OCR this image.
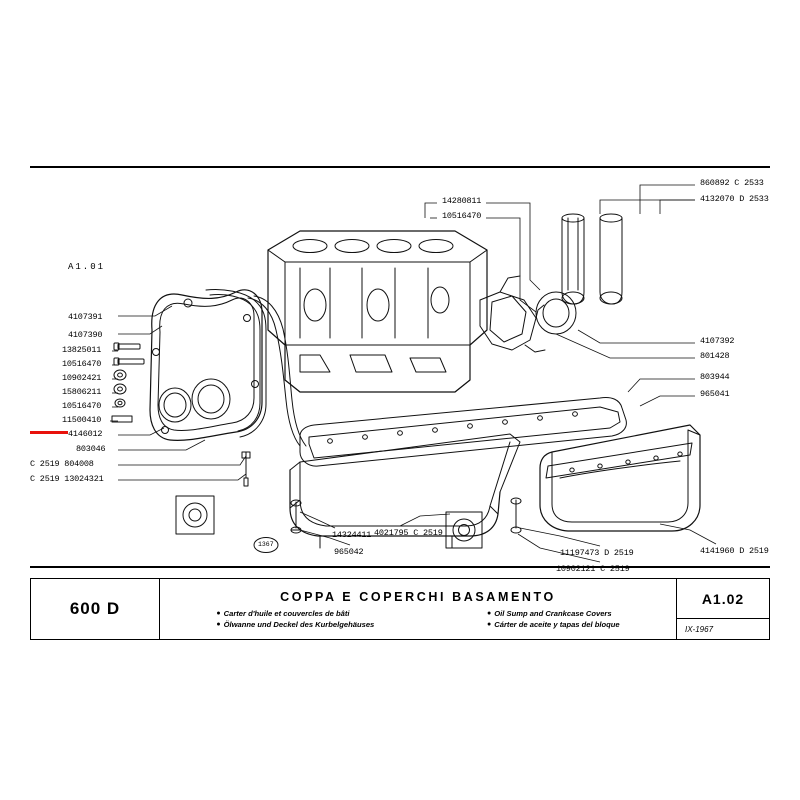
A1.01
4107391
4107390
13825011
10516470
10902421
15806211
10516470
11500410
4146012
803046
C 2519 804008
C 2519 13024321
14280811
10516470
860892 C 2533
4132070 D 2533
4107392
801428
803944
965041
14324411 4021795 C 2519
965042	11197473 D 2519
10902121 C 2519
4141960 D 2519
1367
600 D
COPPA E COPERCHI BASAMENTO
● Carter d'huile et couvercles de bâti
● Ölwanne und Deckel des Kurbelgehäuses
● Oil Sump and Crankcase Covers
● Cárter de aceite y tapas del bloque
A1.02
IX-1967
